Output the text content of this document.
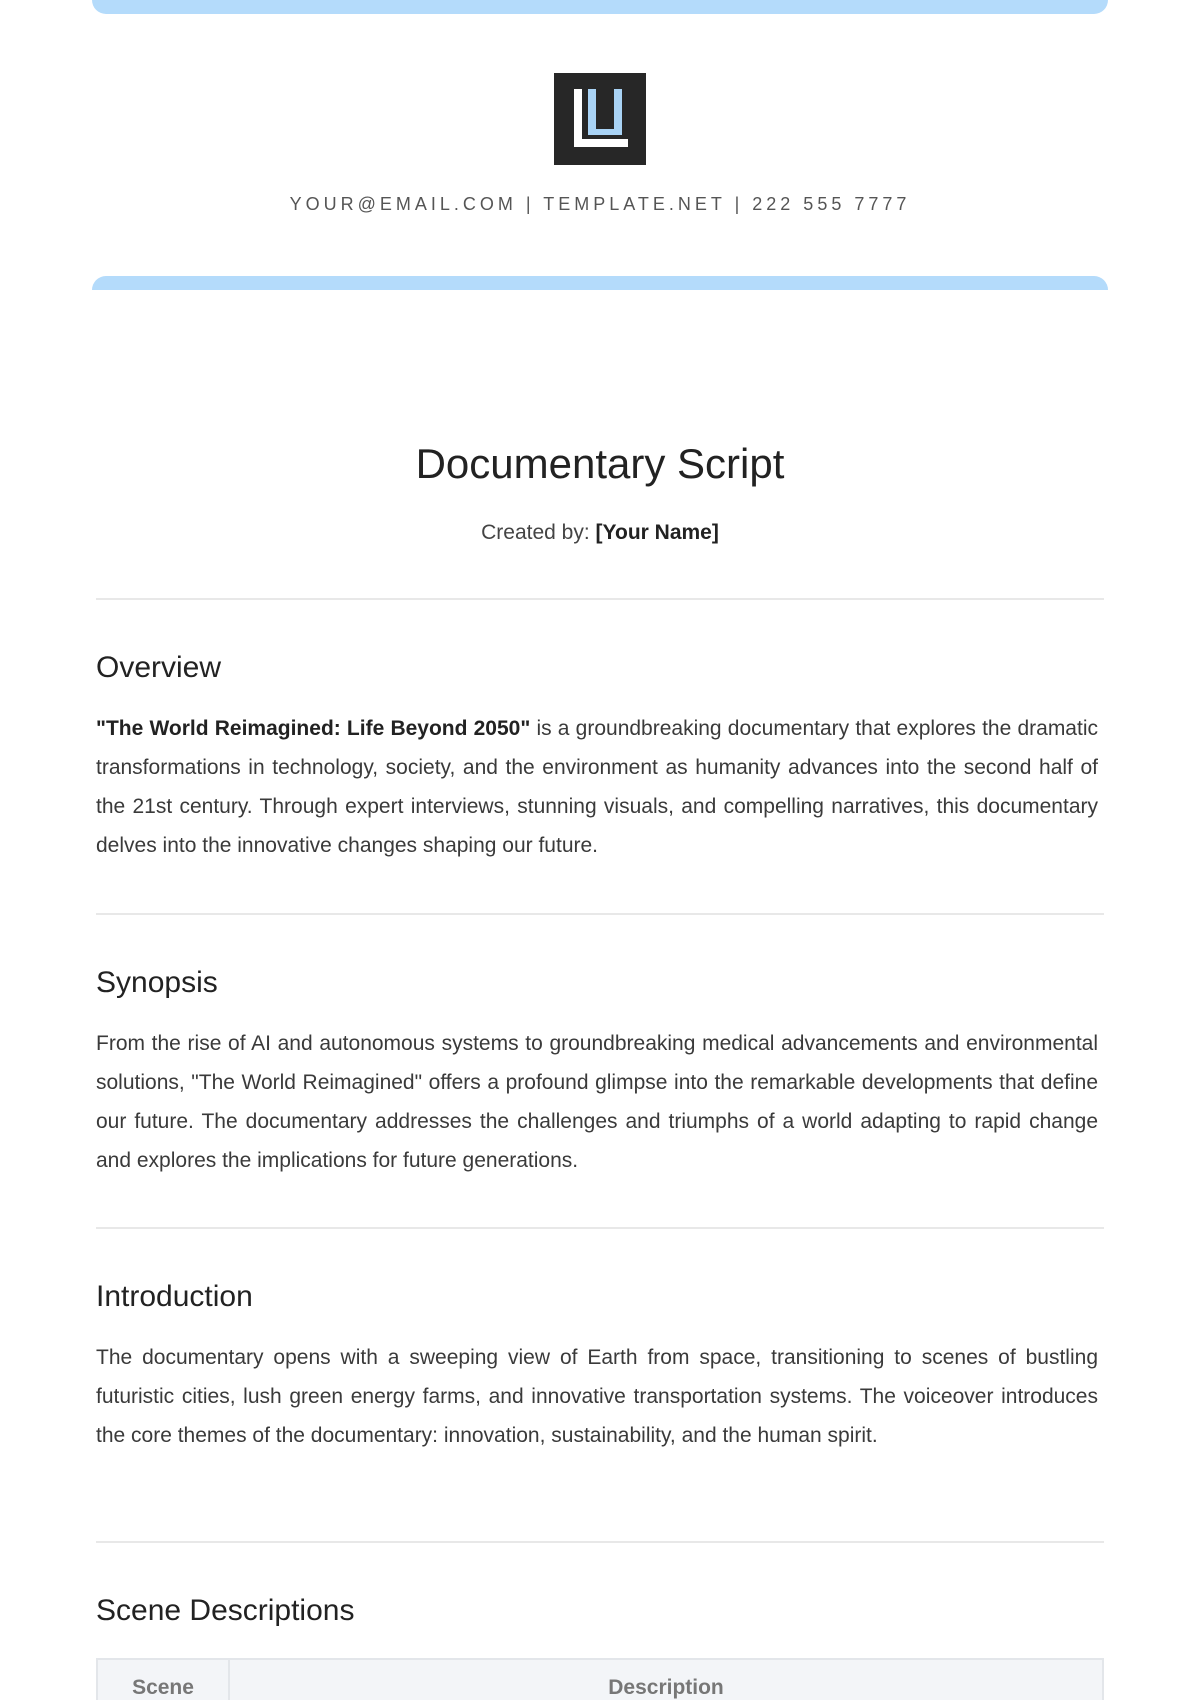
YOUR@EMAIL.COM | TEMPLATE.NET | 222 555 7777
Documentary Script
Created by: [Your Name]
Overview

"The World Reimagined: Life Beyond 2050" is a groundbreaking documentary that explores the dramatic transformations in technology, society, and the environment as humanity advances into the second half of the 21st century. Through expert interviews, stunning visuals, and compelling narratives, this documentary delves into the innovative changes shaping our future.

Synopsis

From the rise of AI and autonomous systems to groundbreaking medical advancements and environmental solutions, "The World Reimagined" offers a profound glimpse into the remarkable developments that define our future. The documentary addresses the challenges and triumphs of a world adapting to rapid change and explores the implications for future generations.

Introduction

The documentary opens with a sweeping view of Earth from space, transitioning to scenes of bustling futuristic cities, lush green energy farms, and innovative transportation systems. The voiceover introduces the core themes of the documentary: innovation, sustainability, and the human spirit.

Scene Descriptions
Scene	Description
